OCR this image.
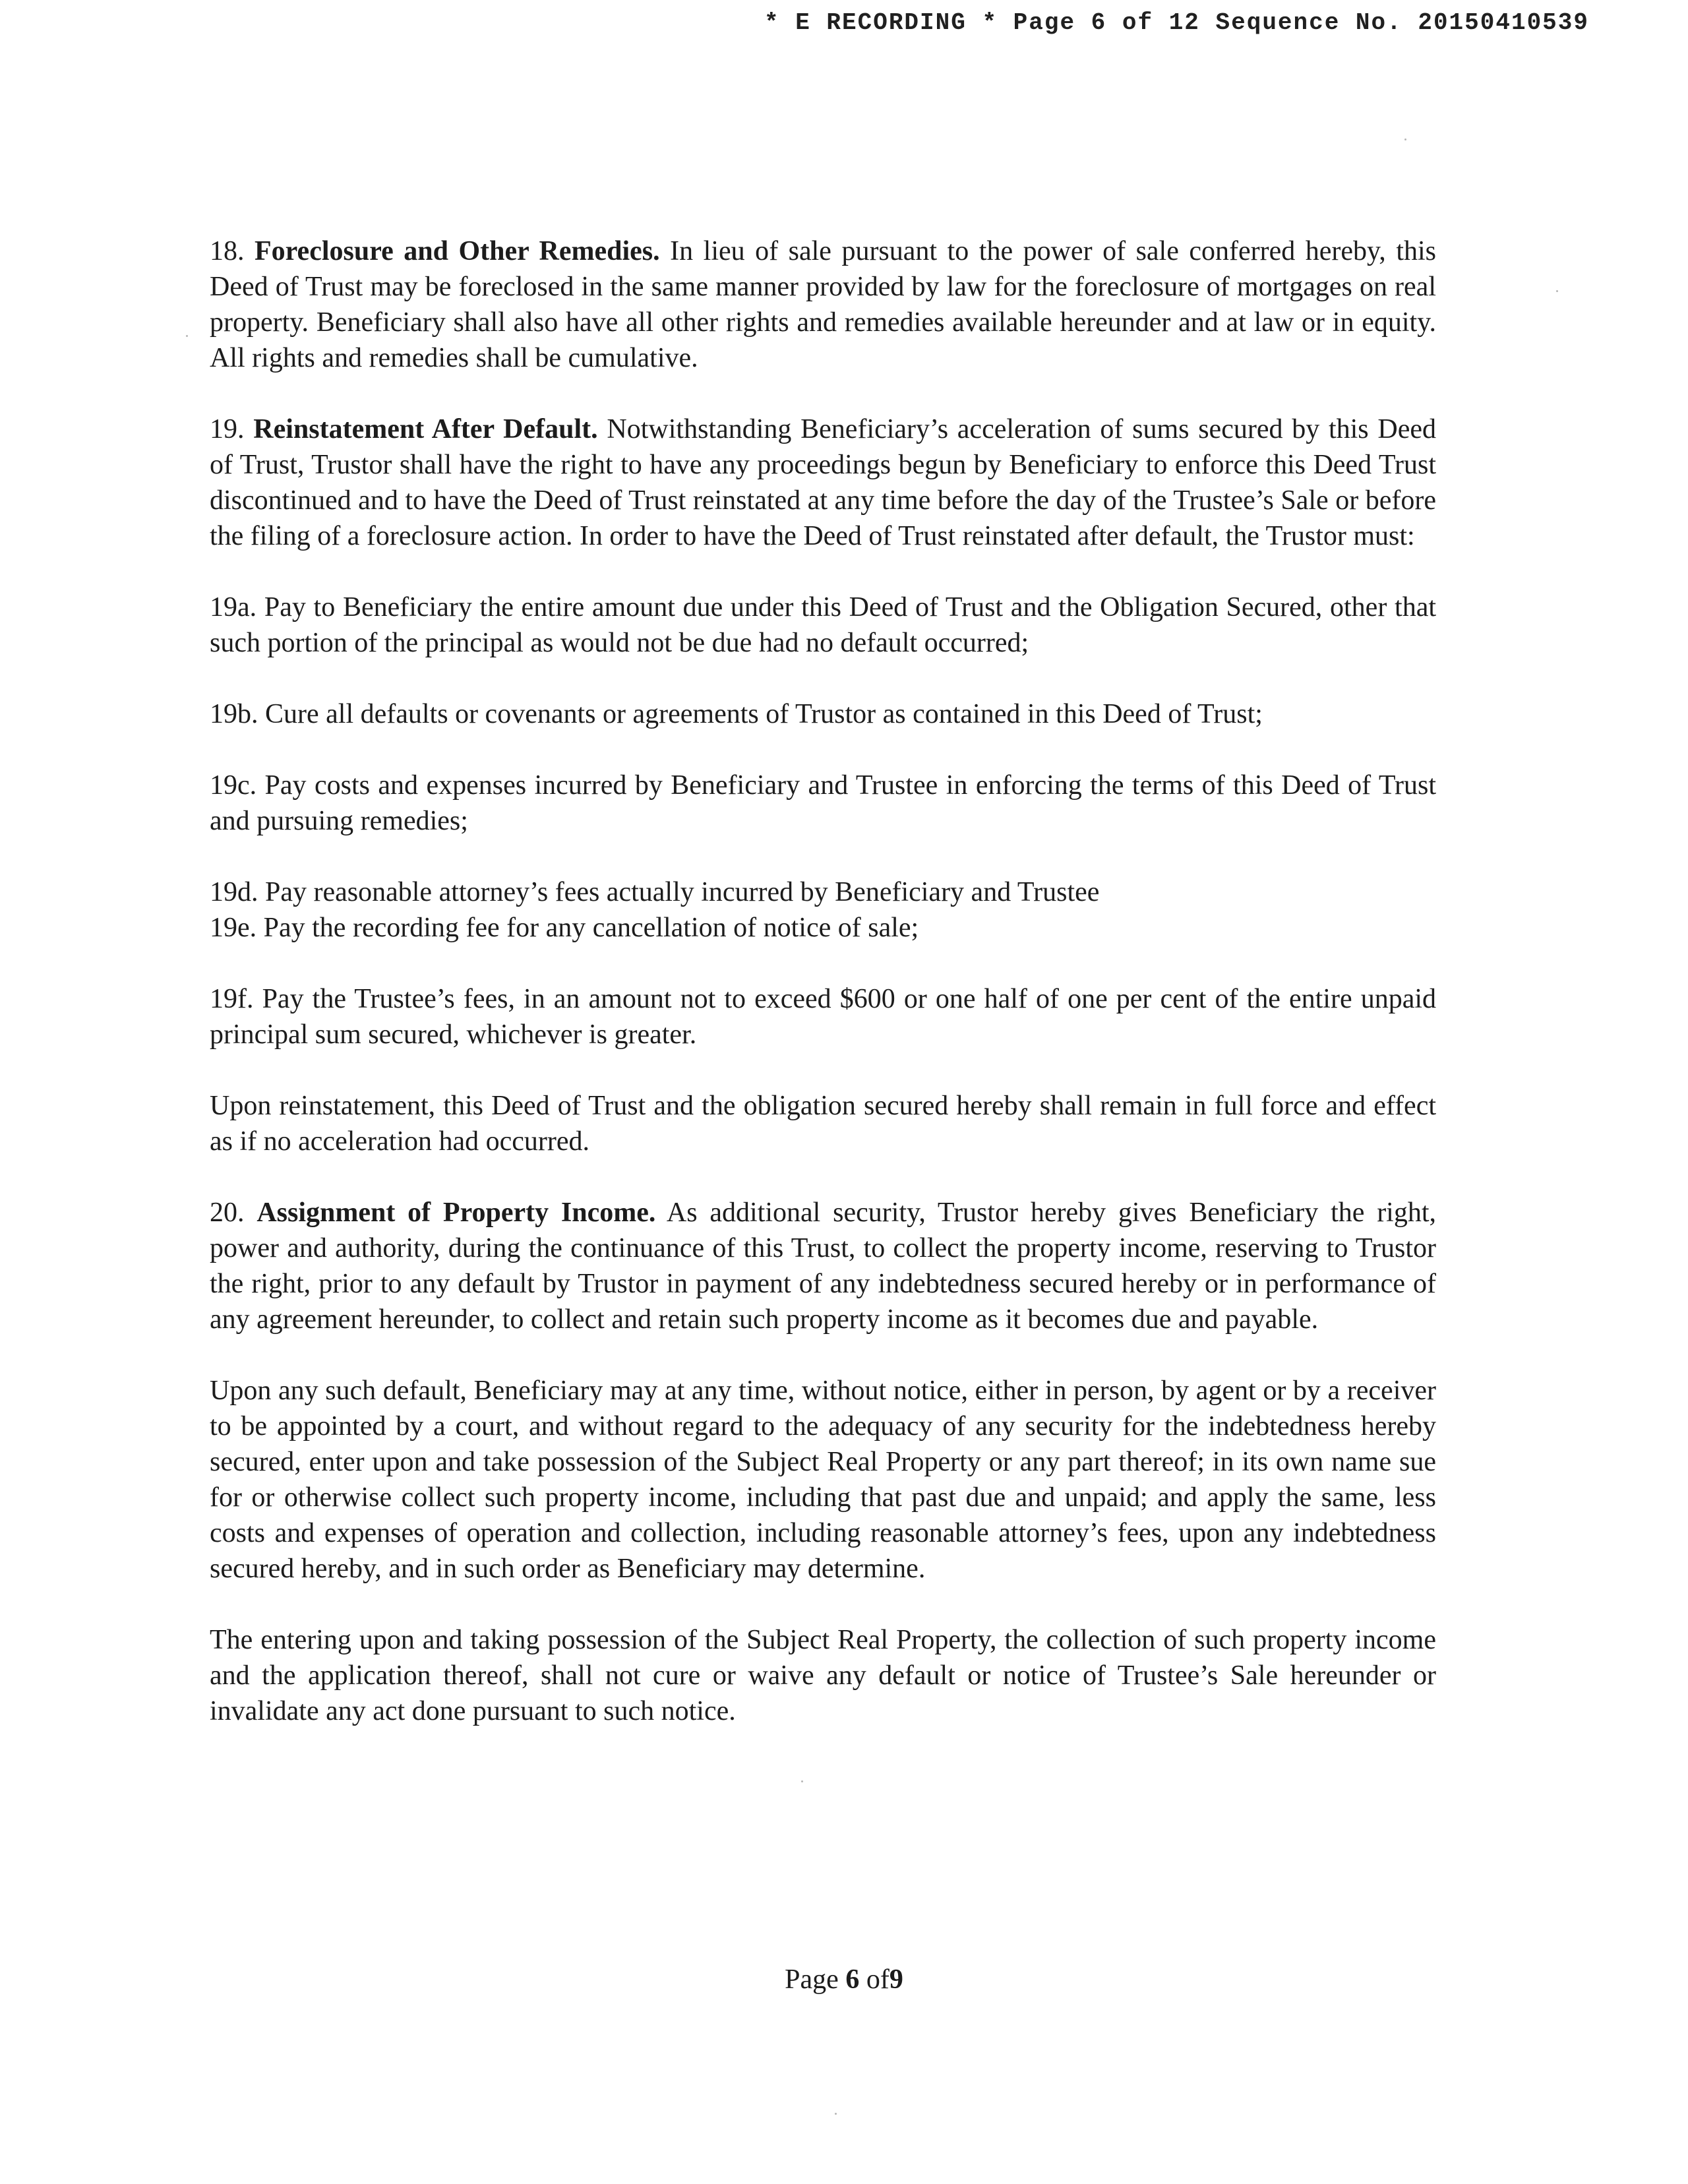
* E RECORDING * Page 6 of 12 Sequence No. 20150410539

18. Foreclosure and Other Remedies. In lieu of sale pursuant to the power of sale conferred hereby, this Deed of Trust may be foreclosed in the same manner provided by law for the foreclosure of mortgages on real property. Beneficiary shall also have all other rights and remedies available hereunder and at law or in equity. All rights and remedies shall be cumulative.

19. Reinstatement After Default. Notwithstanding Beneficiary’s acceleration of sums secured by this Deed of Trust, Trustor shall have the right to have any proceedings begun by Beneficiary to enforce this Deed Trust discontinued and to have the Deed of Trust reinstated at any time before the day of the Trustee’s Sale or before the filing of a foreclosure action. In order to have the Deed of Trust reinstated after default, the Trustor must:

19a. Pay to Beneficiary the entire amount due under this Deed of Trust and the Obligation Secured, other that such portion of the principal as would not be due had no default occurred;

19b. Cure all defaults or covenants or agreements of Trustor as contained in this Deed of Trust;

19c. Pay costs and expenses incurred by Beneficiary and Trustee in enforcing the terms of this Deed of Trust and pursuing remedies;

19d. Pay reasonable attorney’s fees actually incurred by Beneficiary and Trustee

19e. Pay the recording fee for any cancellation of notice of sale;

19f. Pay the Trustee’s fees, in an amount not to exceed $600 or one half of one per cent of the entire unpaid principal sum secured, whichever is greater.

Upon reinstatement, this Deed of Trust and the obligation secured hereby shall remain in full force and effect as if no acceleration had occurred.

20. Assignment of Property Income. As additional security, Trustor hereby gives Beneficiary the right, power and authority, during the continuance of this Trust, to collect the property income, reserving to Trustor the right, prior to any default by Trustor in payment of any indebtedness secured hereby or in performance of any agreement hereunder, to collect and retain such property income as it becomes due and payable.

Upon any such default, Beneficiary may at any time, without notice, either in person, by agent or by a receiver to be appointed by a court, and without regard to the adequacy of any security for the indebtedness hereby secured, enter upon and take possession of the Subject Real Property or any part thereof; in its own name sue for or otherwise collect such property income, including that past due and unpaid; and apply the same, less costs and expenses of operation and collection, including reasonable attorney’s fees, upon any indebtedness secured hereby, and in such order as Beneficiary may determine.

The entering upon and taking possession of the Subject Real Property, the collection of such property income and the application thereof, shall not cure or waive any default or notice of Trustee’s Sale hereunder or invalidate any act done pursuant to such notice.

Page 6 of9
